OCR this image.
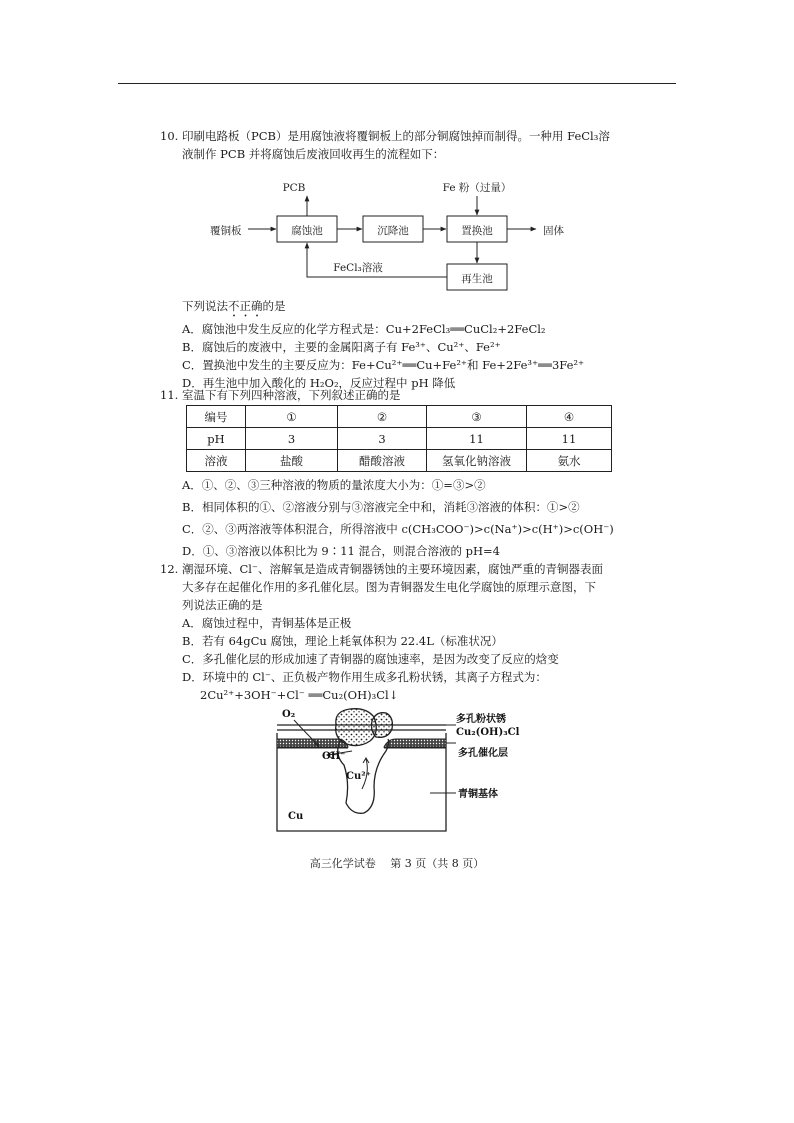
10. 印刷电路板（PCB）是用腐蚀液将覆铜板上的部分铜腐蚀掉而制得。一种用 FeCl₃溶
液制作 PCB 并将腐蚀后废液回收再生的流程如下：
PCB	Fe 粉（过量）
覆铜板	腐蚀池	沉降池	置换池	固体
再生池
FeCl₃溶液
下列说法不正确的是
A．腐蚀池中发生反应的化学方程式是：Cu+2FeCl₃══CuCl₂+2FeCl₂
B．腐蚀后的废液中，主要的金属阳离子有 Fe³⁺、Cu²⁺、Fe²⁺
C．置换池中发生的主要反应为：Fe+Cu²⁺══Cu+Fe²⁺和 Fe+2Fe³⁺══3Fe²⁺
D．再生池中加入酸化的 H₂O₂，反应过程中 pH 降低
11. 室温下有下列四种溶液，下列叙述正确的是
编号	①	②	③	④
pH	3	3	11	11
溶液	盐酸	醋酸溶液	氢氧化钠溶液	氨水
A．①、②、③三种溶液的物质的量浓度大小为：①=③>②
B．相同体积的①、②溶液分别与③溶液完全中和，消耗③溶液的体积：①>②
C．②、③两溶液等体积混合，所得溶液中 c(CH₃COO⁻)>c(Na⁺)>c(H⁺)>c(OH⁻)
D．①、③溶液以体积比为 9∶11 混合，则混合溶液的 pH=4
12. 潮湿环境、Cl⁻、溶解氧是造成青铜器锈蚀的主要环境因素，腐蚀严重的青铜器表面
大多存在起催化作用的多孔催化层。图为青铜器发生电化学腐蚀的原理示意图，下
列说法正确的是
A．腐蚀过程中，青铜基体是正极
B．若有 64gCu 腐蚀，理论上耗氧体积为 22.4L（标准状况）
C．多孔催化层的形成加速了青铜器的腐蚀速率，是因为改变了反应的焓变
D．环境中的 Cl⁻、正负极产物作用生成多孔粉状锈，其离子方程式为：
2Cu²⁺+3OH⁻+Cl⁻ ══Cu₂(OH)₃Cl↓
O₂
OH⁻
Cu²⁺
Cu
多孔粉状锈
Cu₂(OH)₃Cl
多孔催化层
青铜基体
高三化学试卷　 第 3 页（共 8 页）
